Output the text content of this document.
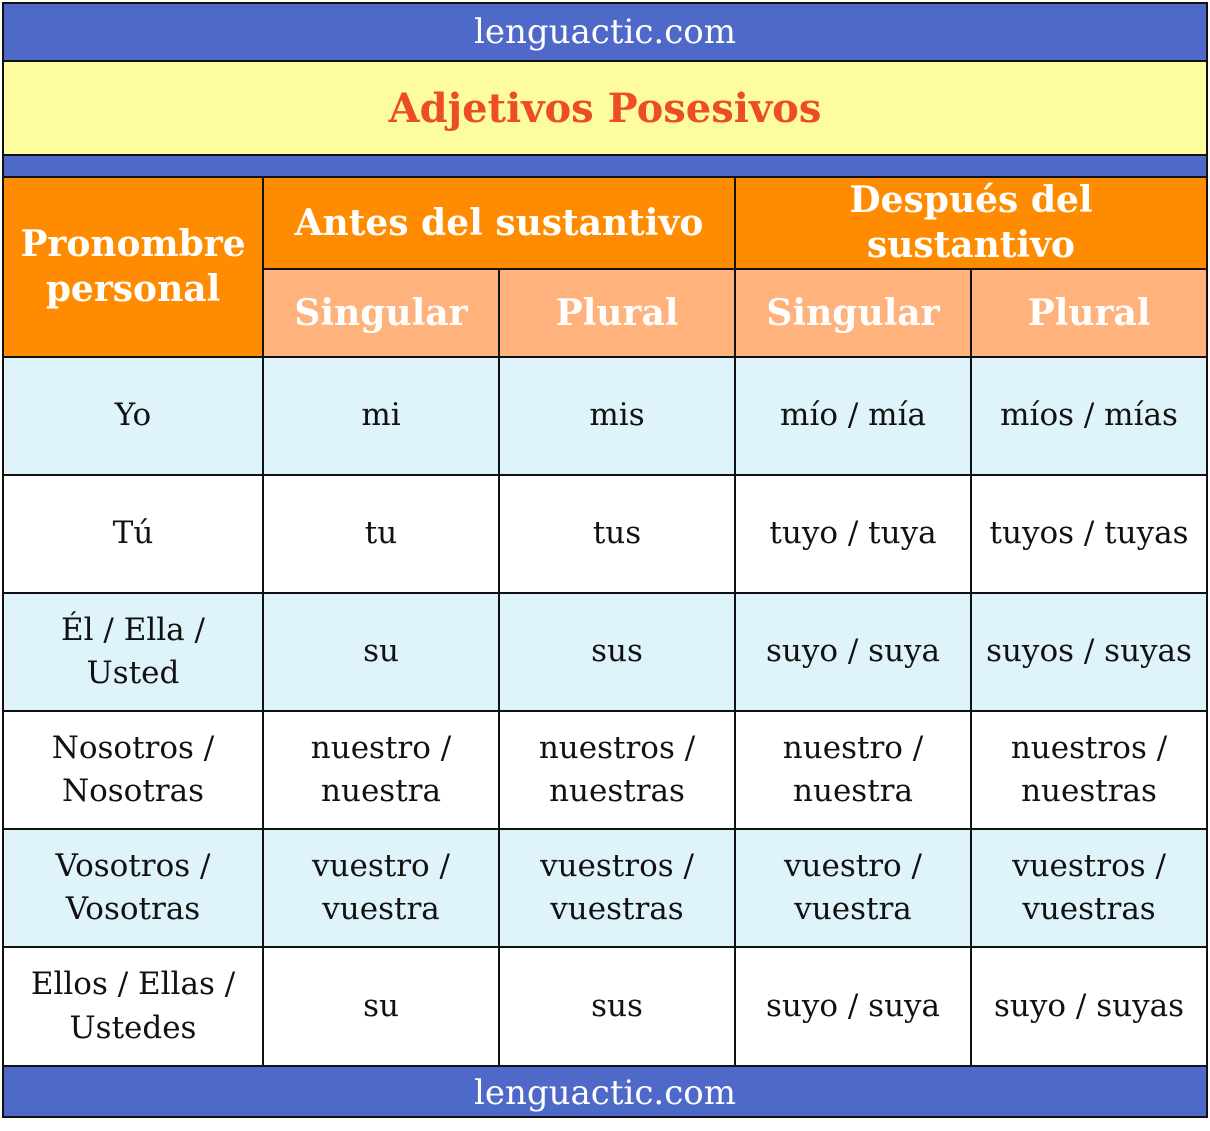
lenguactic.com
Adjetivos Posesivos
Pronombre personal	Antes del sustantivo		Después del sustantivo	
	Singular	Plural	Singular	Plural
Yo	mi	mis	mío / mía	míos / mías
Tú	tu	tus	tuyo / tuya	tuyos / tuyas
Él / Ella / Usted	su	sus	suyo / suya	suyos / suyas
Nosotros / Nosotras	nuestro / nuestra	nuestros / nuestras	nuestro / nuestra	nuestros / nuestras
Vosotros / Vosotras	vuestro / vuestra	vuestros / vuestras	vuestro / vuestra	vuestros / vuestras
Ellos / Ellas / Ustedes	su	sus	suyo / suya	suyo / suyas
lenguactic.com
